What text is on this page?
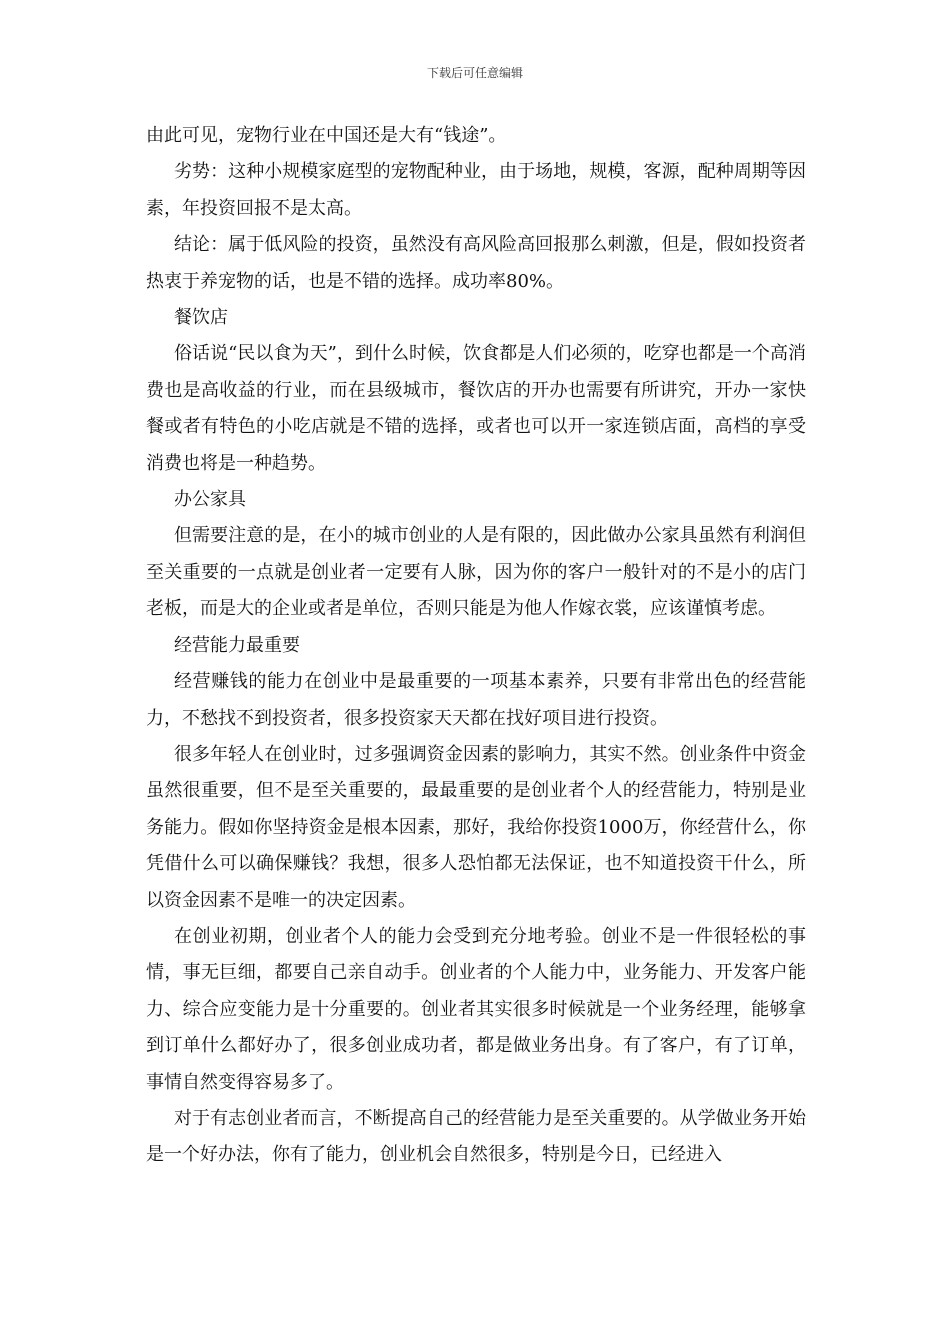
下载后可任意编辑

由此可见，宠物行业在中国还是大有“钱途”。

劣势：这种小规模家庭型的宠物配种业，由于场地，规模，客源，配种周期等因素，年投资回报不是太高。

结论：属于低风险的投资，虽然没有高风险高回报那么刺激，但是，假如投资者热衷于养宠物的话，也是不错的选择。成功率80%。

餐饮店

俗话说“民以食为天”，到什么时候，饮食都是人们必须的，吃穿也都是一个高消费也是高收益的行业，而在县级城市，餐饮店的开办也需要有所讲究，开办一家快餐或者有特色的小吃店就是不错的选择，或者也可以开一家连锁店面，高档的享受消费也将是一种趋势。

办公家具

但需要注意的是，在小的城市创业的人是有限的，因此做办公家具虽然有利润但至关重要的一点就是创业者一定要有人脉，因为你的客户一般针对的不是小的店门老板，而是大的企业或者是单位，否则只能是为他人作嫁衣裳，应该谨慎考虑。

经营能力最重要

经营赚钱的能力在创业中是最重要的一项基本素养，只要有非常出色的经营能力，不愁找不到投资者，很多投资家天天都在找好项目进行投资。

很多年轻人在创业时，过多强调资金因素的影响力，其实不然。创业条件中资金虽然很重要，但不是至关重要的，最最重要的是创业者个人的经营能力，特别是业务能力。假如你坚持资金是根本因素，那好，我给你投资1000万，你经营什么，你凭借什么可以确保赚钱？我想，很多人恐怕都无法保证，也不知道投资干什么，所以资金因素不是唯一的决定因素。

在创业初期，创业者个人的能力会受到充分地考验。创业不是一件很轻松的事情，事无巨细，都要自己亲自动手。创业者的个人能力中，业务能力、开发客户能力、综合应变能力是十分重要的。创业者其实很多时候就是一个业务经理，能够拿到订单什么都好办了，很多创业成功者，都是做业务出身。有了客户，有了订单，事情自然变得容易多了。

对于有志创业者而言，不断提高自己的经营能力是至关重要的。从学做业务开始是一个好办法，你有了能力，创业机会自然很多，特别是今日，已经进入
